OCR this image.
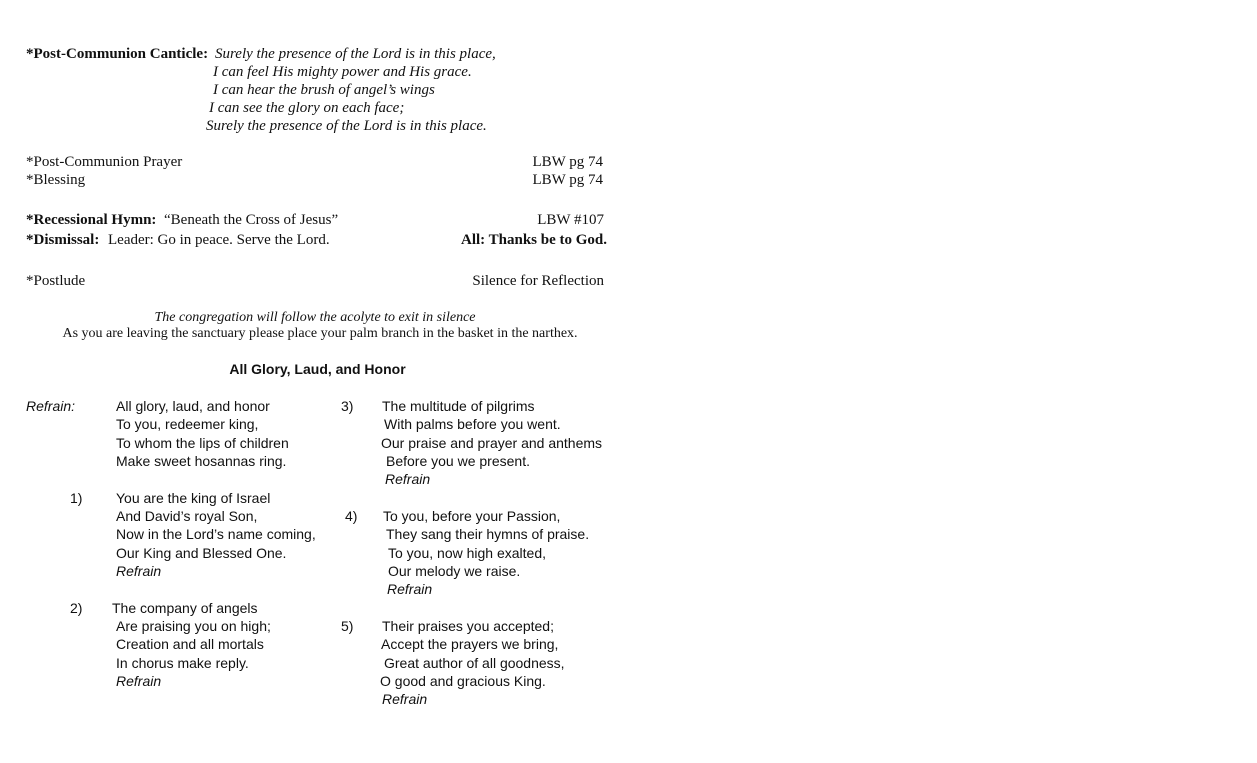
*Post-Communion Canticle: Surely the presence of the Lord is in this place,
I can feel His mighty power and His grace.
I can hear the brush of angel’s wings
I can see the glory on each face;
Surely the presence of the Lord is in this place.
*Post-Communion Prayer	LBW pg 74
*Blessing	LBW pg 74
*Recessional Hymn: “Beneath the Cross of Jesus”	LBW #107
*Dismissal: Leader: Go in peace. Serve the Lord.	All: Thanks be to God.
*Postlude	Silence for Reflection
The congregation will follow the acolyte to exit in silence
As you are leaving the sanctuary please place your palm branch in the basket in the narthex.
All Glory, Laud, and Honor
Refrain:	All glory, laud, and honor
To you, redeemer king,
To whom the lips of children
Make sweet hosannas ring.
1) You are the king of Israel
And David’s royal Son,
Now in the Lord’s name coming,
Our King and Blessed One.
Refrain
2) The company of angels
Are praising you on high;
Creation and all mortals
In chorus make reply.
Refrain
3) The multitude of pilgrims
With palms before you went.
Our praise and prayer and anthems
Before you we present.
Refrain
4) To you, before your Passion,
They sang their hymns of praise.
To you, now high exalted,
Our melody we raise.
Refrain
5) Their praises you accepted;
Accept the prayers we bring,
Great author of all goodness,
O good and gracious King.
Refrain
